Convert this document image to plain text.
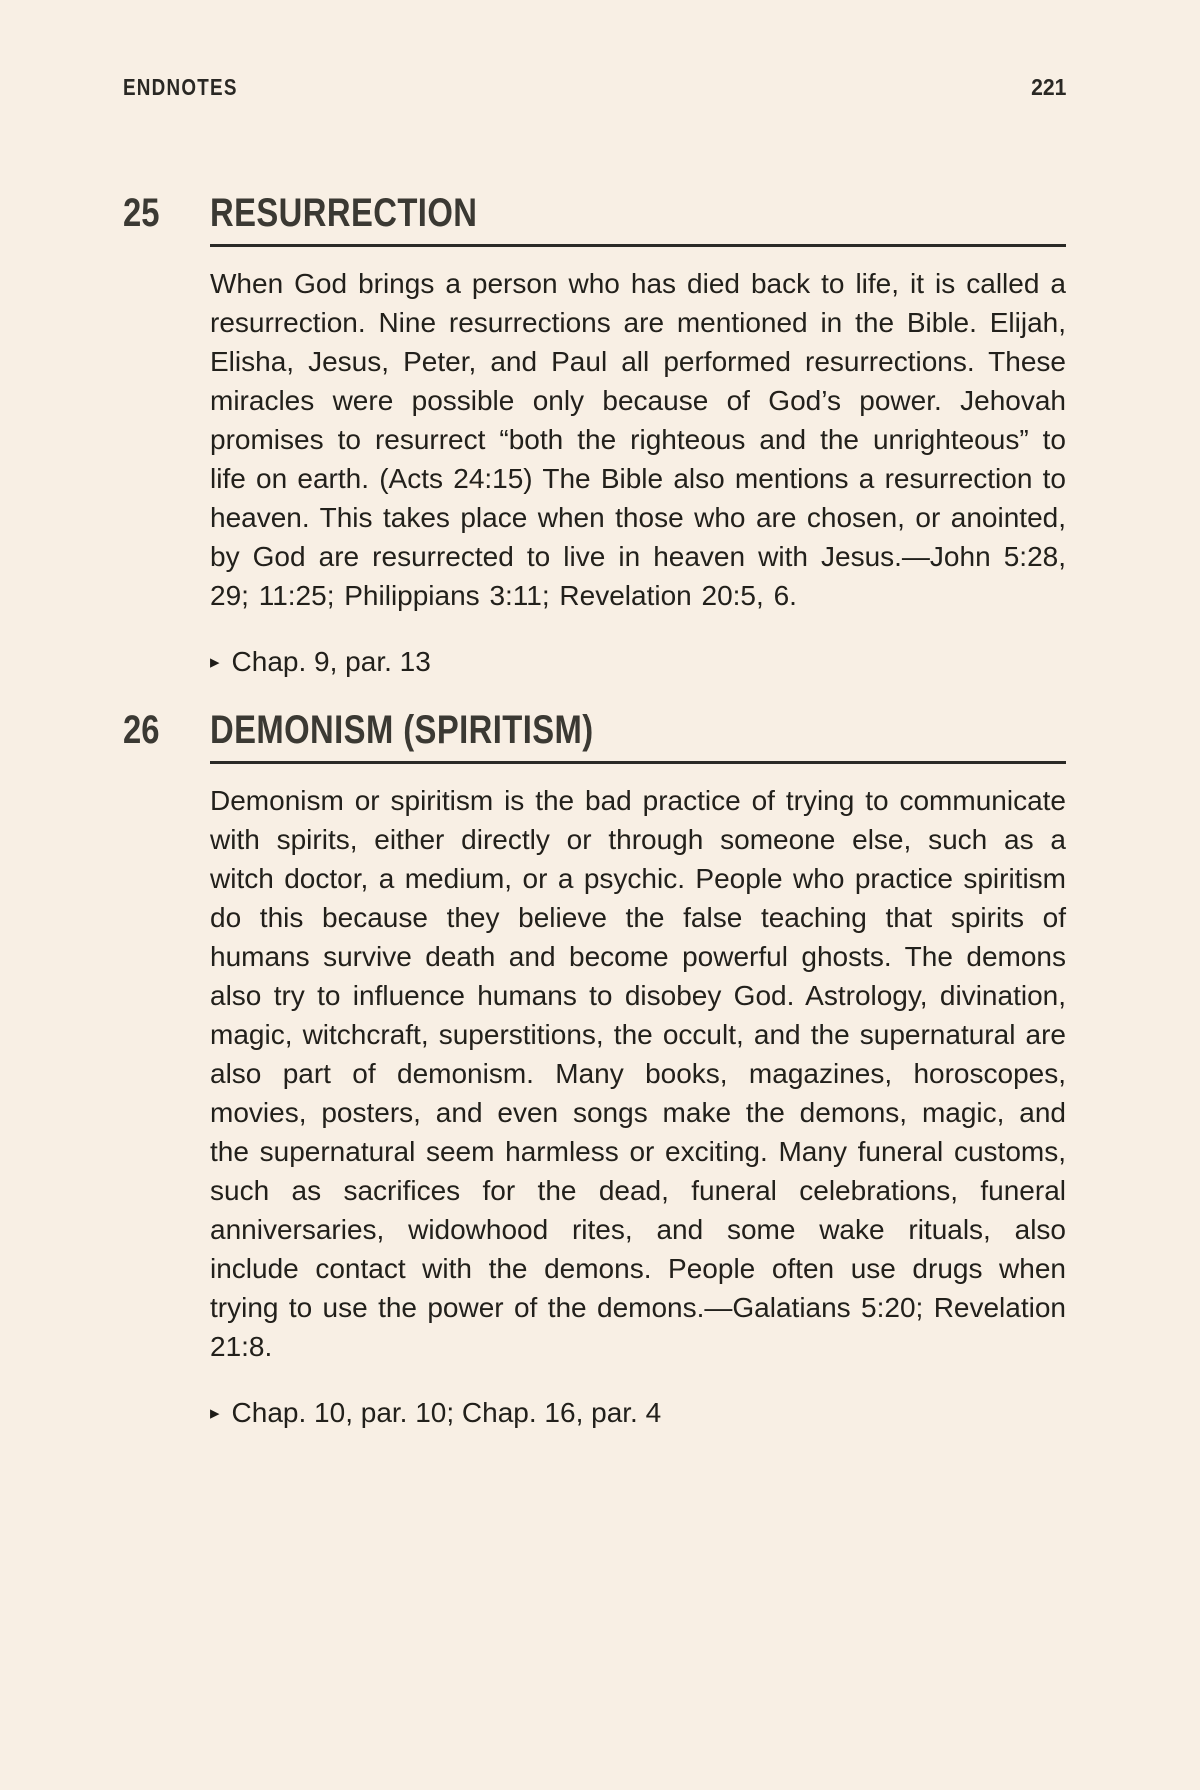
ENDNOTES	221
25	RESURRECTION

When God brings a person who has died back to life, it is called a resurrection. Nine resurrections are mentioned in the Bible. Elijah, Elisha, Jesus, Peter, and Paul all performed resurrections. These miracles were possible only because of God’s power. Jehovah promises to resurrect “both the righteous and the unrighteous” to life on earth. (Acts 24:15) The Bible also mentions a resurrection to heaven. This takes place when those who are chosen, or anointed, by God are resurrected to live in heaven with Jesus.—John 5:28, 29; 11:25; Philippians 3:11; Revelation 20:5, 6.

▸ Chap. 9, par. 13

26	DEMONISM (SPIRITISM)

Demonism or spiritism is the bad practice of trying to communicate with spirits, either directly or through someone else, such as a witch doctor, a medium, or a psychic. People who practice spiritism do this because they believe the false teaching that spirits of humans survive death and become powerful ghosts. The demons also try to influence humans to disobey God. Astrology, divination, magic, witchcraft, superstitions, the occult, and the supernatural are also part of demonism. Many books, magazines, horoscopes, movies, posters, and even songs make the demons, magic, and the supernatural seem harmless or exciting. Many funeral customs, such as sacrifices for the dead, funeral celebrations, funeral anniversaries, widowhood rites, and some wake rituals, also include contact with the demons. People often use drugs when trying to use the power of the demons.—Galatians 5:20; Revelation 21:8.

▸ Chap. 10, par. 10; Chap. 16, par. 4
